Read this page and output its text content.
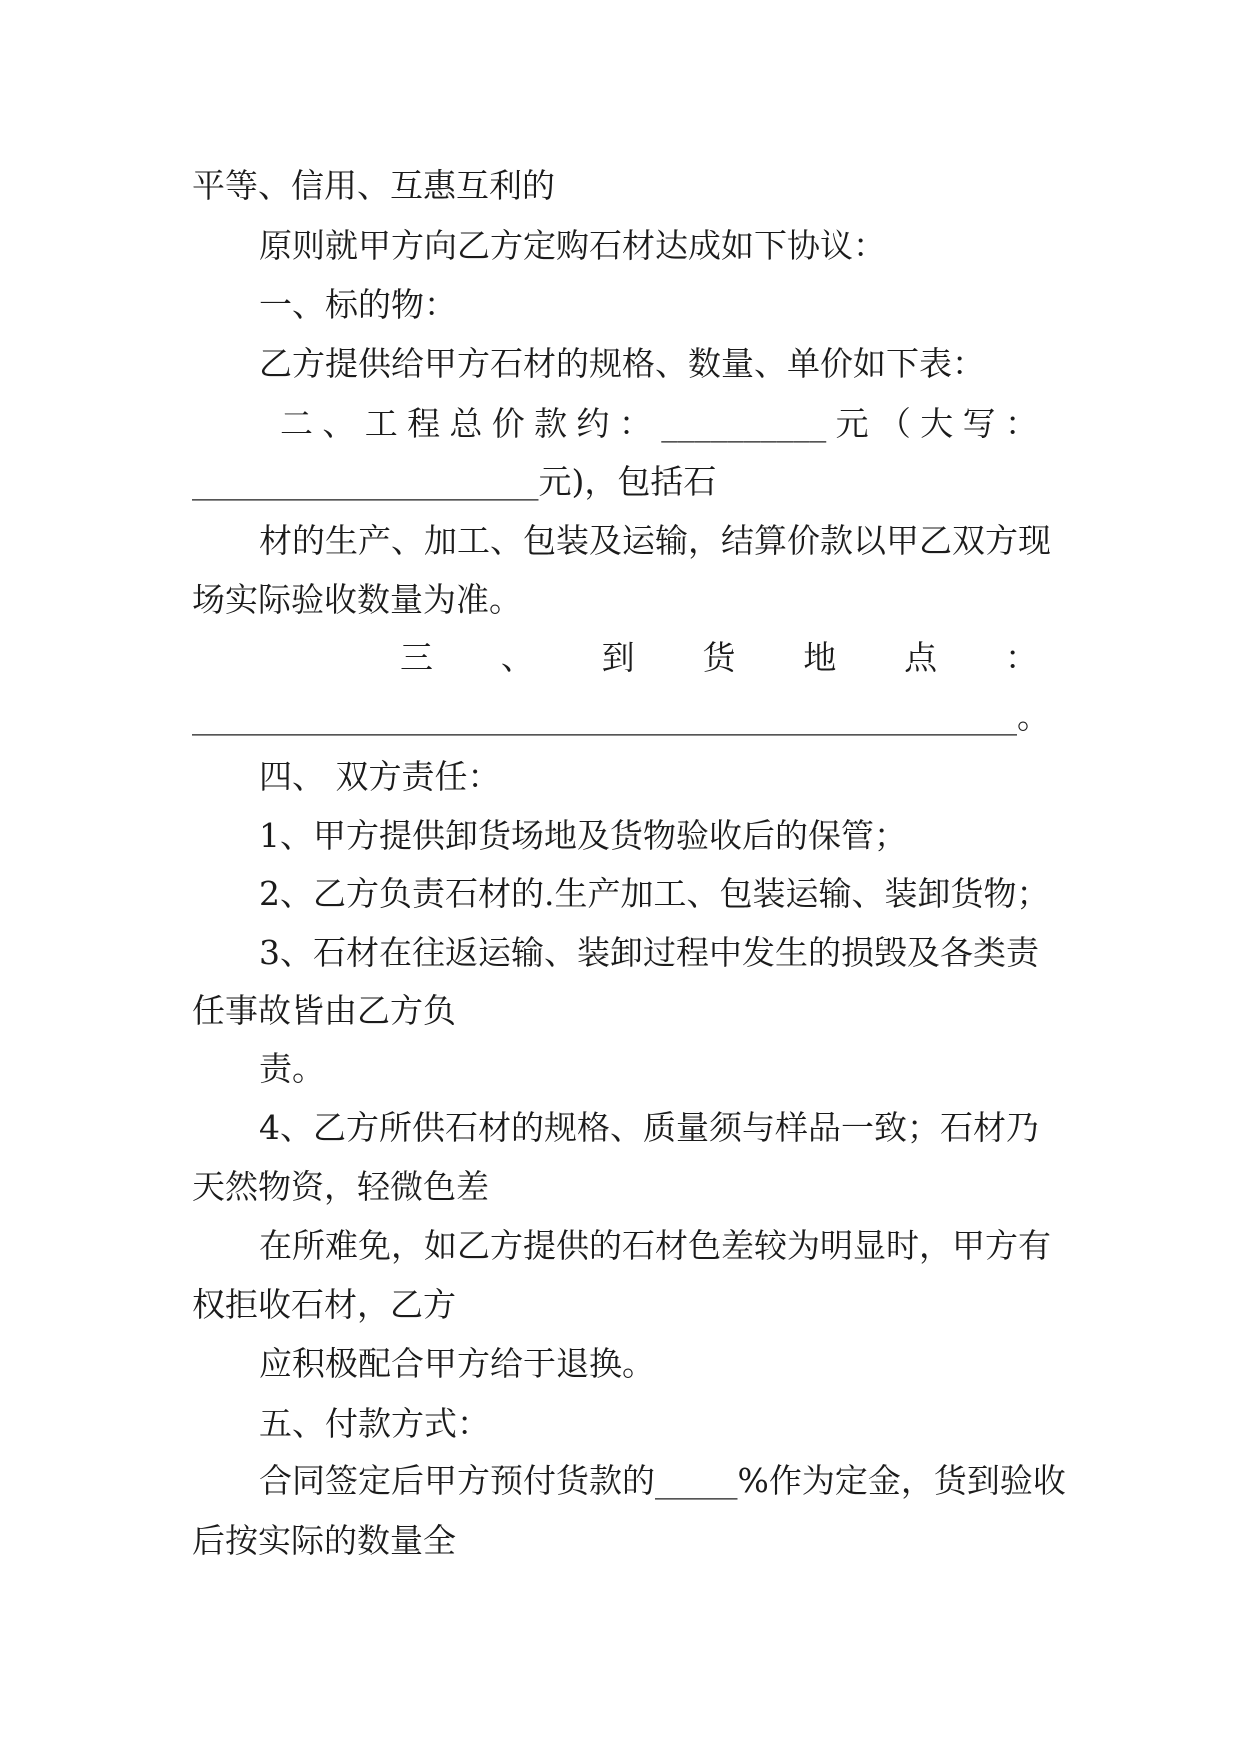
平等、信用、互惠互利的
原则就甲方向乙方定购石材达成如下协议：
一、标的物：
乙方提供给甲方石材的规格、数量、单价如下表：
二、工程总价款约：__________元（大写：
_____________________元)，包括石
材的生产、加工、包装及运输，结算价款以甲乙双方现
场实际验收数量为准。
三、到货地点：
__________________________________________________。
四、 双方责任：
1、甲方提供卸货场地及货物验收后的保管；
2、乙方负责石材的.生产加工、包装运输、装卸货物；
3、石材在往返运输、装卸过程中发生的损毁及各类责
任事故皆由乙方负
责。
4、乙方所供石材的规格、质量须与样品一致；石材乃
天然物资，轻微色差
在所难免，如乙方提供的石材色差较为明显时，甲方有
权拒收石材，乙方
应积极配合甲方给于退换。
五、付款方式：
合同签定后甲方预付货款的_____%作为定金，货到验收
后按实际的数量全
